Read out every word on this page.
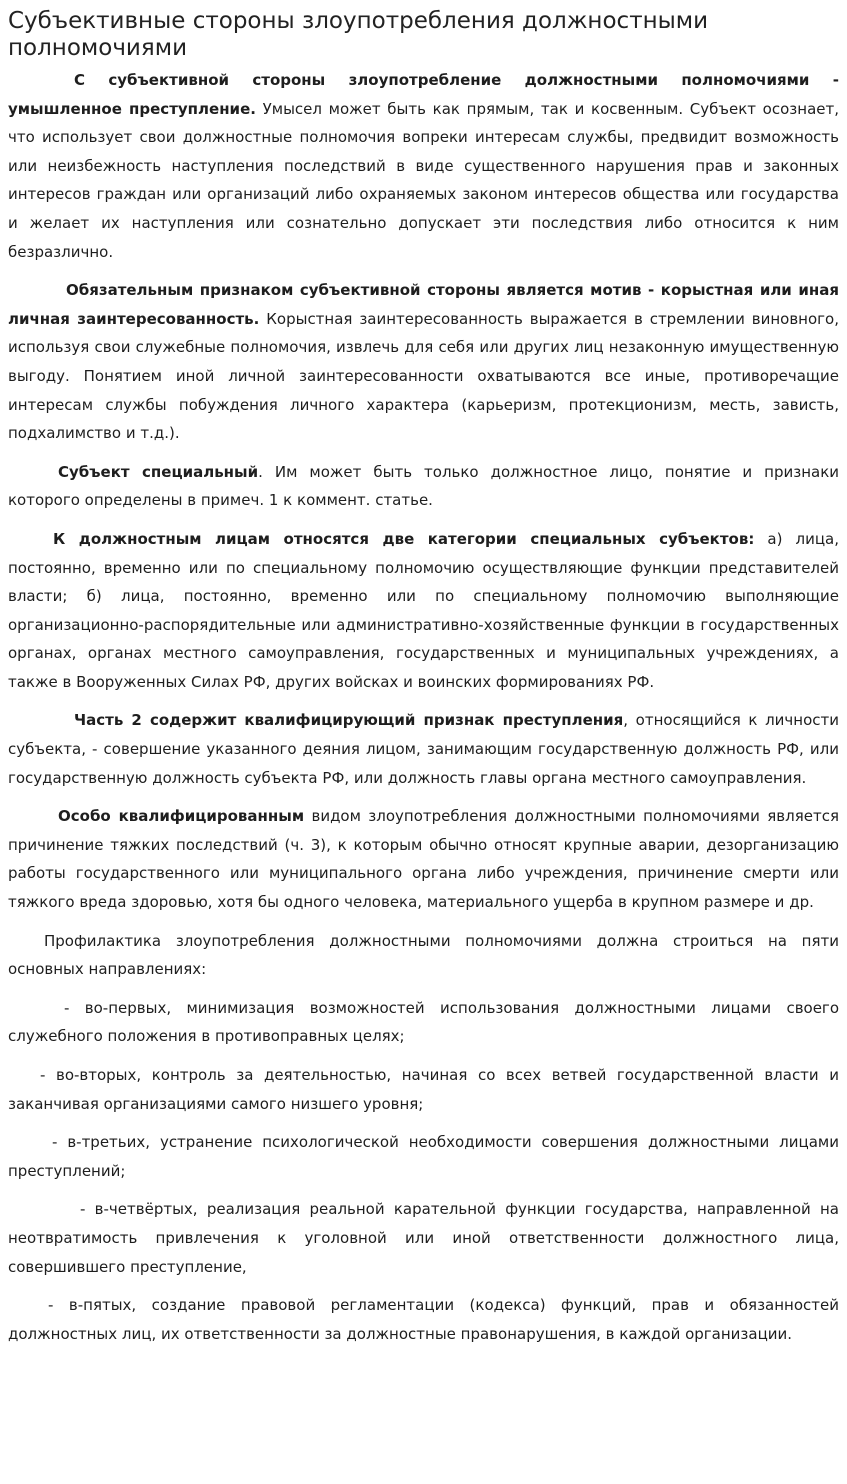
Субъективные стороны злоупотребления должностными полномочиями

С субъективной стороны злоупотребление должностными полномочиями - умышленное преступление. Умысел может быть как прямым, так и косвенным. Субъект осознает, что использует свои должностные полномочия вопреки интересам службы, предвидит возможность или неизбежность наступления последствий в виде существенного нарушения прав и законных интересов граждан или организаций либо охраняемых законом интересов общества или государства и желает их наступления или сознательно допускает эти последствия либо относится к ним безразлично.

Обязательным признаком субъективной стороны является мотив - корыстная или иная личная заинтересованность. Корыстная заинтересованность выражается в стремлении виновного, используя свои служебные полномочия, извлечь для себя или других лиц незаконную имущественную выгоду. Понятием иной личной заинтересованности охватываются все иные, противоречащие интересам службы побуждения личного характера (карьеризм, протекционизм, месть, зависть, подхалимство и т.д.).

Субъект специальный. Им может быть только должностное лицо, понятие и признаки которого определены в примеч. 1 к коммент. статье.

К должностным лицам относятся две категории специальных субъектов: а) лица, постоянно, временно или по специальному полномочию осуществляющие функции представителей власти; б) лица, постоянно, временно или по специальному полномочию выполняющие организационно-распорядительные или административно-хозяйственные функции в государственных органах, органах местного самоуправления, государственных и муниципальных учреждениях, а также в Вооруженных Силах РФ, других войсках и воинских формированиях РФ.

Часть 2 содержит квалифицирующий признак преступления, относящийся к личности субъекта, - совершение указанного деяния лицом, занимающим государственную должность РФ, или государственную должность субъекта РФ, или должность главы органа местного самоуправления.

Особо квалифицированным видом злоупотребления должностными полномочиями является причинение тяжких последствий (ч. 3), к которым обычно относят крупные аварии, дезорганизацию работы государственного или муниципального органа либо учреждения, причинение смерти или тяжкого вреда здоровью, хотя бы одного человека, материального ущерба в крупном размере и др.

Профилактика злоупотребления должностными полномочиями должна строиться на пяти основных направлениях:

- во-первых, минимизация возможностей использования должностными лицами своего служебного положения в противоправных целях;

- во-вторых, контроль за деятельностью, начиная со всех ветвей государственной власти и заканчивая организациями самого низшего уровня;

- в-третьих, устранение психологической необходимости совершения должностными лицами преступлений;

- в-четвёртых, реализация реальной карательной функции государства, направленной на неотвратимость привлечения к уголовной или иной ответственности должностного лица, совершившего преступление,

- в-пятых, создание правовой регламентации (кодекса) функций, прав и обязанностей должностных лиц, их ответственности за должностные правонарушения, в каждой организации.
